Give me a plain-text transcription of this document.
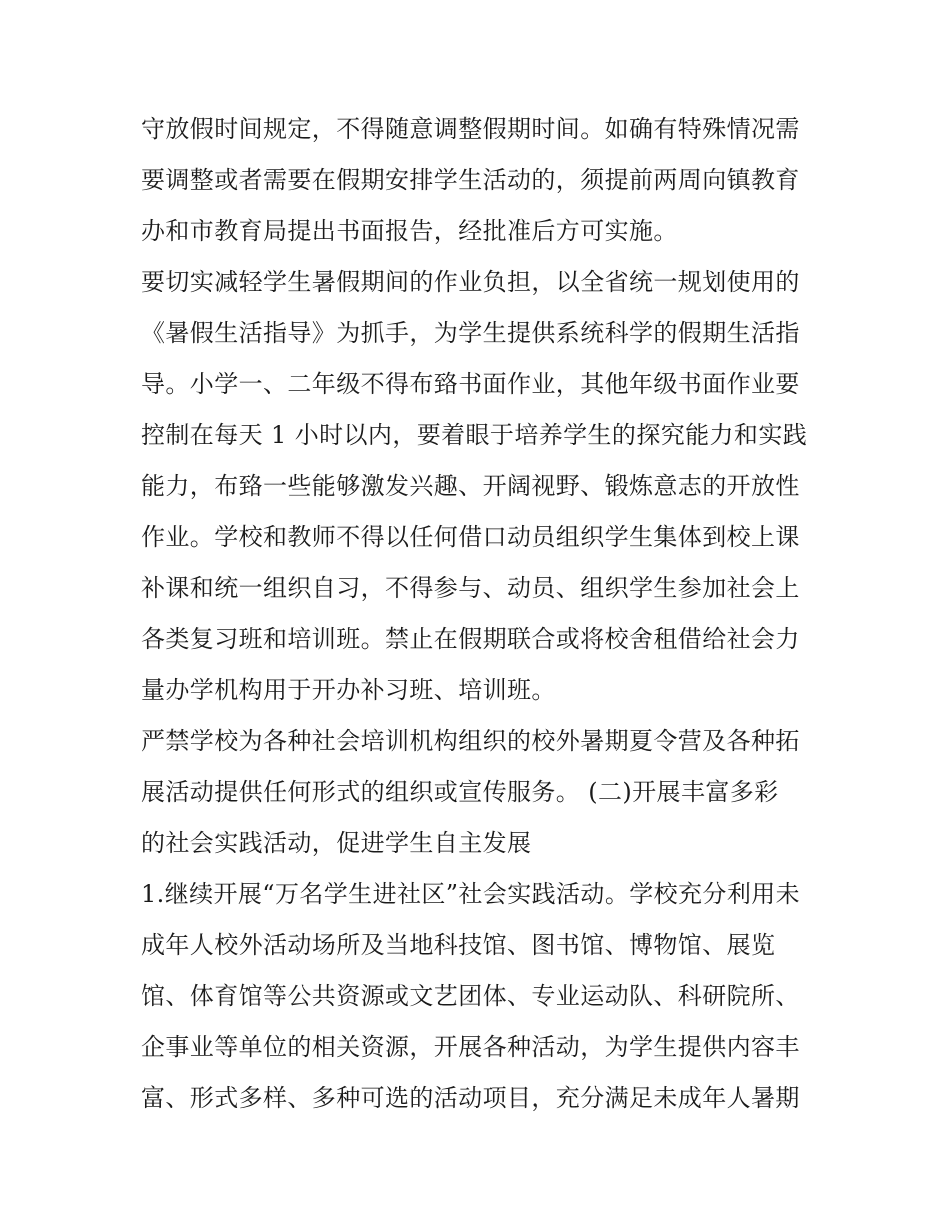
守放假时间规定，不得随意调整假期时间。如确有特殊情况需
要调整或者需要在假期安排学生活动的，须提前两周向镇教育
办和市教育局提出书面报告，经批准后方可实施。
要切实减轻学生暑假期间的作业负担，以全省统一规划使用的
《暑假生活指导》为抓手，为学生提供系统科学的假期生活指
导。小学一、二年级不得布臵书面作业，其他年级书面作业要
控制在每天 1 小时以内，要着眼于培养学生的探究能力和实践
能力，布臵一些能够激发兴趣、开阔视野、锻炼意志的开放性
作业。学校和教师不得以任何借口动员组织学生集体到校上课
补课和统一组织自习，不得参与、动员、组织学生参加社会上
各类复习班和培训班。禁止在假期联合或将校舍租借给社会力
量办学机构用于开办补习班、培训班。
严禁学校为各种社会培训机构组织的校外暑期夏令营及各种拓
展活动提供任何形式的组织或宣传服务。 (二)开展丰富多彩
的社会实践活动，促进学生自主发展
1.继续开展“万名学生进社区”社会实践活动。学校充分利用未
成年人校外活动场所及当地科技馆、图书馆、博物馆、展览
馆、体育馆等公共资源或文艺团体、专业运动队、科研院所、
企事业等单位的相关资源，开展各种活动，为学生提供内容丰
富、形式多样、多种可选的活动项目，充分满足未成年人暑期
